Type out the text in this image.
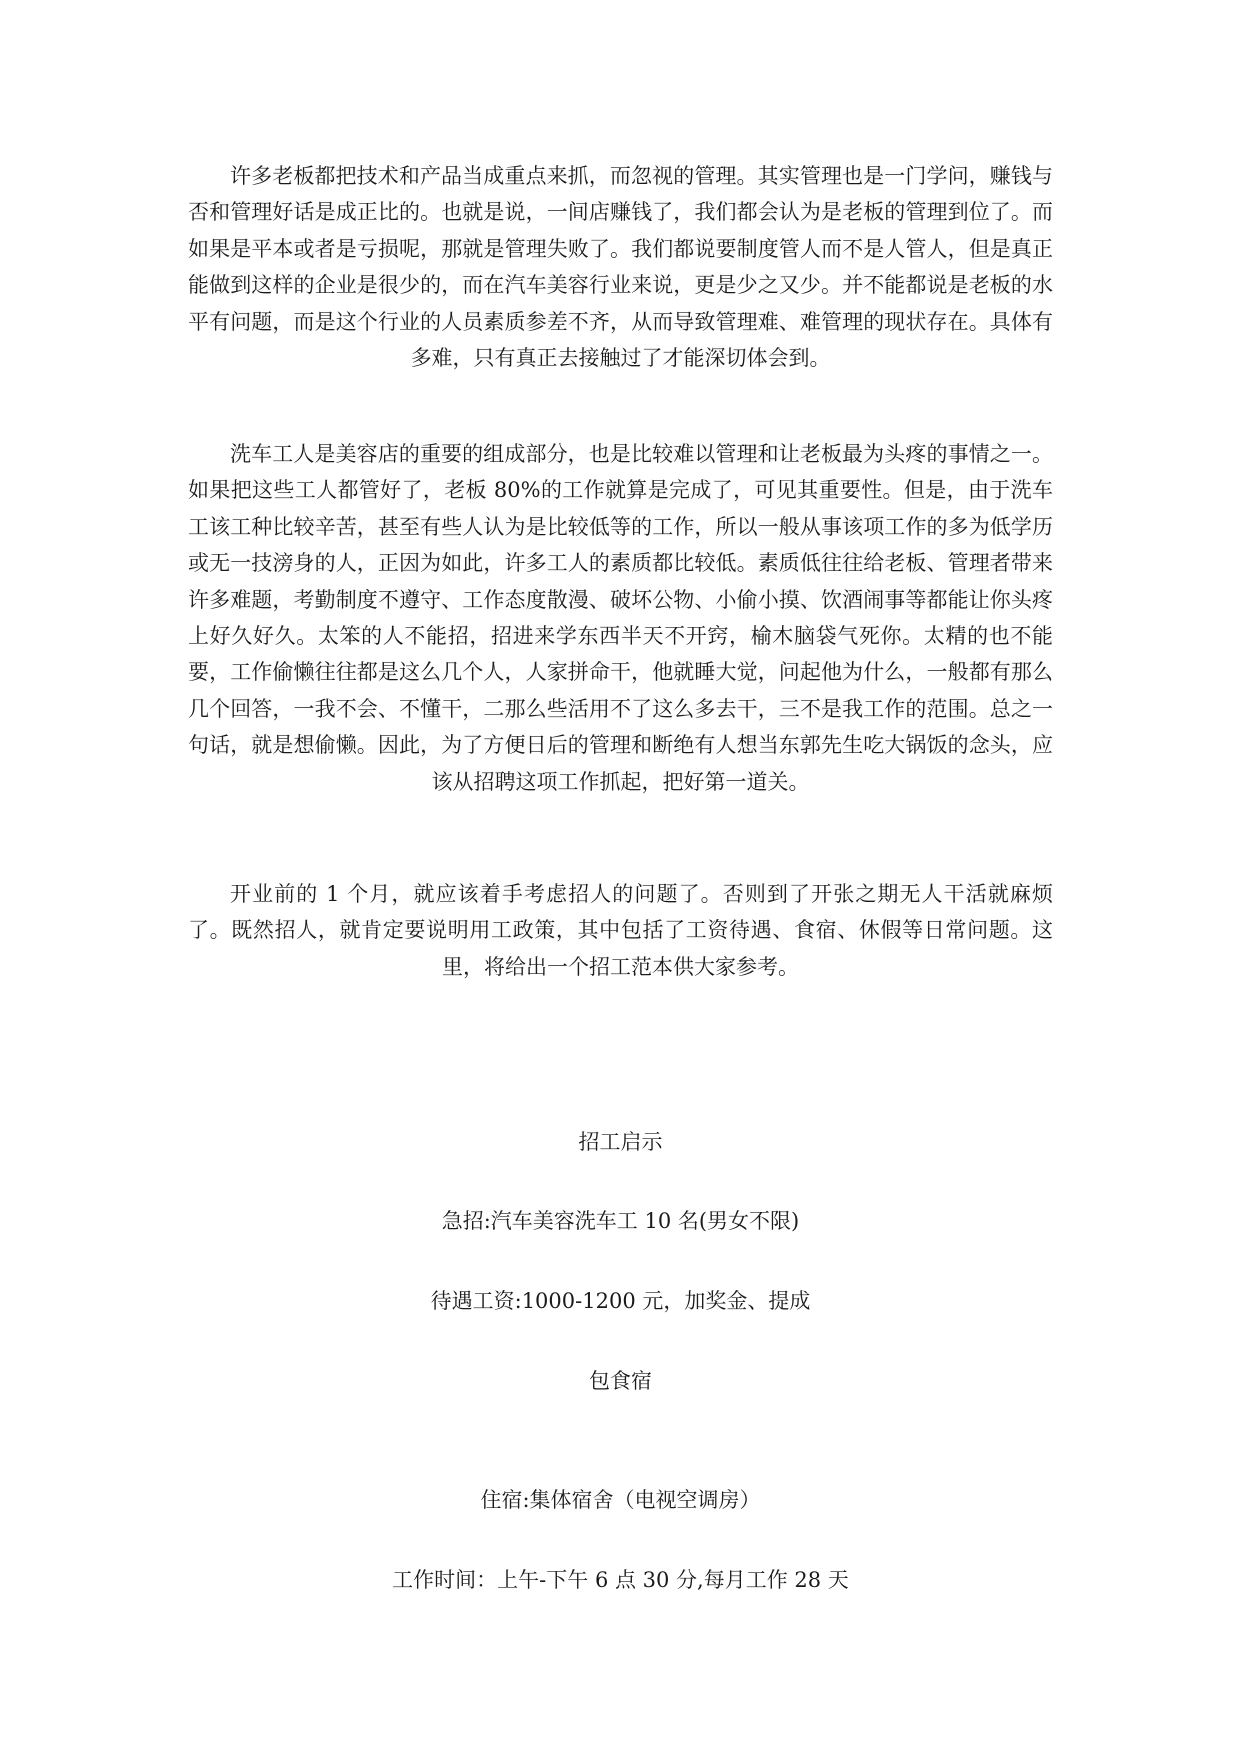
许多老板都把技术和产品当成重点来抓，而忽视的管理。其实管理也是一门学问，赚钱与否和管理好话是成正比的。也就是说，一间店赚钱了，我们都会认为是老板的管理到位了。而如果是平本或者是亏损呢，那就是管理失败了。我们都说要制度管人而不是人管人，但是真正能做到这样的企业是很少的，而在汽车美容行业来说，更是少之又少。并不能都说是老板的水平有问题，而是这个行业的人员素质参差不齐，从而导致管理难、难管理的现状存在。具体有多难，只有真正去接触过了才能深切体会到。

洗车工人是美容店的重要的组成部分，也是比较难以管理和让老板最为头疼的事情之一。如果把这些工人都管好了，老板 80%的工作就算是完成了，可见其重要性。但是，由于洗车工该工种比较辛苦，甚至有些人认为是比较低等的工作，所以一般从事该项工作的多为低学历或无一技滂身的人，正因为如此，许多工人的素质都比较低。素质低往往给老板、管理者带来许多难题，考勤制度不遵守、工作态度散漫、破坏公物、小偷小摸、饮酒闹事等都能让你头疼上好久好久。太笨的人不能招，招进来学东西半天不开窍，榆木脑袋气死你。太精的也不能要，工作偷懒往往都是这么几个人，人家拼命干，他就睡大觉，问起他为什么，一般都有那么几个回答，一我不会、不懂干，二那么些活用不了这么多去干，三不是我工作的范围。总之一句话，就是想偷懒。因此，为了方便日后的管理和断绝有人想当东郭先生吃大锅饭的念头，应该从招聘这项工作抓起，把好第一道关。

开业前的 1 个月，就应该着手考虑招人的问题了。否则到了开张之期无人干活就麻烦了。既然招人，就肯定要说明用工政策，其中包括了工资待遇、食宿、休假等日常问题。这里，将给出一个招工范本供大家参考。

招工启示

急招:汽车美容洗车工 10 名(男女不限)

待遇工资:1000-1200 元，加奖金、提成

包食宿

住宿:集体宿舍（电视空调房）

工作时间：上午-下午 6 点 30 分,每月工作 28 天
